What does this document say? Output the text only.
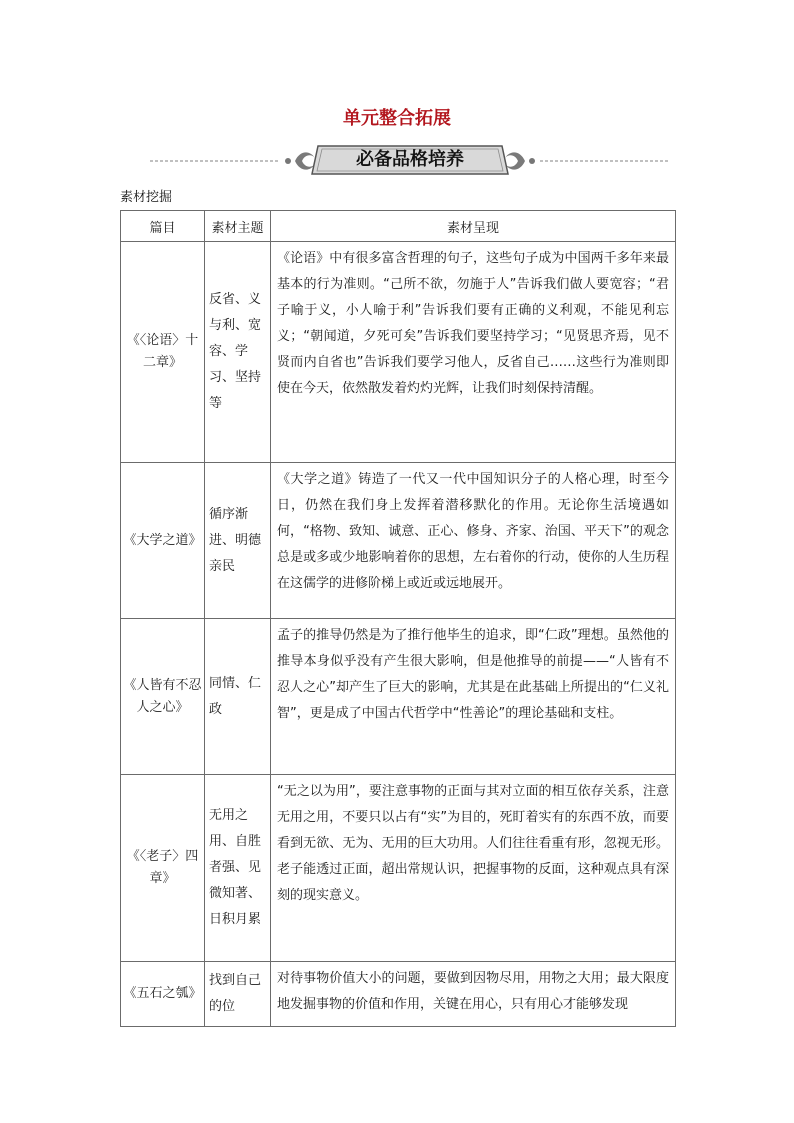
单元整合拓展
必备品格培养
素材挖掘
篇目	素材主题	素材呈现
《〈论语〉十二章》	反省、义与利、宽容、学习、坚持等	《论语》中有很多富含哲理的句子，这些句子成为中国两千多年来最基本的行为准则。“己所不欲，勿施于人”告诉我们做人要宽容；“君子喻于义，小人喻于利”告诉我们要有正确的义利观，不能见利忘义；“朝闻道，夕死可矣”告诉我们要坚持学习；“见贤思齐焉，见不贤而内自省也”告诉我们要学习他人，反省自己……这些行为准则即使在今天，依然散发着灼灼光辉，让我们时刻保持清醒。
《大学之道》	循序渐进、明德亲民	《大学之道》铸造了一代又一代中国知识分子的人格心理，时至今日，仍然在我们身上发挥着潜移默化的作用。无论你生活境遇如何，“格物、致知、诚意、正心、修身、齐家、治国、平天下”的观念总是或多或少地影响着你的思想，左右着你的行动，使你的人生历程在这儒学的进修阶梯上或近或远地展开。
《人皆有不忍人之心》	同情、仁政	孟子的推导仍然是为了推行他毕生的追求，即“仁政”理想。虽然他的推导本身似乎没有产生很大影响，但是他推导的前提——“人皆有不忍人之心”却产生了巨大的影响，尤其是在此基础上所提出的“仁义礼智”，更是成了中国古代哲学中“性善论”的理论基础和支柱。
《〈老子〉四章》	无用之用、自胜者强、见微知著、日积月累	“无之以为用”，要注意事物的正面与其对立面的相互依存关系，注意无用之用，不要只以占有“实”为目的，死盯着实有的东西不放，而要看到无欲、无为、无用的巨大功用。人们往往看重有形，忽视无形。老子能透过正面，超出常规认识，把握事物的反面，这种观点具有深刻的现实意义。
《五石之瓠》	找到自己的位	对待事物价值大小的问题，要做到因物尽用，用物之大用；最大限度地发掘事物的价值和作用，关键在用心，只有用心才能够发现
